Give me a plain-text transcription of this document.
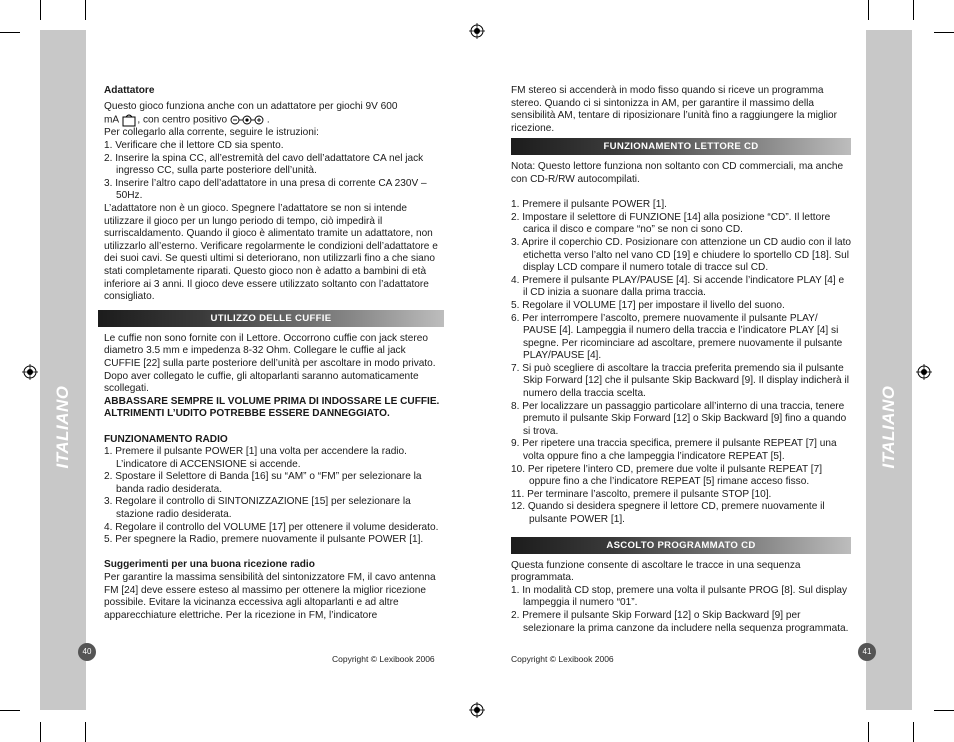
ITALIANO	ITALIANO

Adattatore

Questo gioco funziona anche con un adattatore per giochi 9V 600

mA , con centro positivo	.

Per collegarlo alla corrente, seguire le istruzioni:

1. Verificare che il lettore CD sia spento.

2. Inserire la spina CC, all’estremità del cavo dell’adattatore CA nel jack ingresso CC, sulla parte posteriore dell’unità.

3. Inserire l’altro capo dell’adattatore in una presa di corrente CA 230V – 50Hz.

L’adattatore non è un gioco. Spegnere l’adattatore se non si intende utilizzare il gioco per un lungo periodo di tempo, ciò impedirà il surriscaldamento. Quando il gioco è alimentato tramite un adattatore, non utilizzarlo all’esterno. Verificare regolarmente le condizioni dell’adattatore e dei suoi cavi. Se questi ultimi si deteriorano, non utilizzarli fino a che siano stati completamente riparati. Questo gioco non è adatto a bambini di età inferiore ai 3 anni. Il gioco deve essere utilizzato soltanto con l’adattatore consigliato.

UTILIZZO DELLE CUFFIE

Le cuffie non sono fornite con il Lettore. Occorrono cuffie con jack stereo diametro 3.5 mm e impedenza 8-32 Ohm. Collegare le cuffie al jack CUFFIE [22] sulla parte posteriore dell’unità per ascoltare in modo privato. Dopo aver collegato le cuffie, gli altoparlanti saranno automaticamente scollegati.

ABBASSARE SEMPRE IL VOLUME PRIMA DI INDOSSARE LE CUFFIE. ALTRIMENTI L’UDITO POTREBBE ESSERE DANNEGGIATO.

FUNZIONAMENTO RADIO

1. Premere il pulsante POWER [1] una volta per accendere la radio. L’indicatore di ACCENSIONE si accende.

2. Spostare il Selettore di Banda [16] su “AM” o “FM” per selezionare la banda radio desiderata.

3. Regolare il controllo di SINTONIZZAZIONE [15] per selezionare la stazione radio desiderata.

4. Regolare il controllo del VOLUME [17] per ottenere il volume desiderato.

5. Per spegnere la Radio, premere nuovamente il pulsante POWER [1].

Suggerimenti per una buona ricezione radio

Per garantire la massima sensibilità del sintonizzatore FM, il cavo antenna FM [24] deve essere esteso al massimo per ottenere la miglior ricezione possibile. Evitare la vicinanza eccessiva agli altoparlanti e ad altre apparecchiature elettriche. Per la ricezione in FM, l’indicatore

40
Copyright © Lexibook 2006

FM stereo si accenderà in modo fisso quando si riceve un programma stereo. Quando ci si sintonizza in AM, per garantire il massimo della sensibilità AM, tentare di riposizionare l’unità fino a raggiungere la miglior ricezione.

FUNZIONAMENTO LETTORE CD

Nota: Questo lettore funziona non soltanto con CD commerciali, ma anche con CD-R/RW autocompilati.

1. Premere il pulsante POWER [1].

2. Impostare il selettore di FUNZIONE [14] alla posizione “CD”. Il lettore carica il disco e compare “no” se non ci sono CD.

3. Aprire il coperchio CD. Posizionare con attenzione un CD audio con il lato etichetta verso l’alto nel vano CD [19] e chiudere lo sportello CD [18]. Sul display LCD compare il numero totale di tracce sul CD.

4. Premere il pulsante PLAY/PAUSE [4]. Si accende l’indicatore PLAY [4] e il CD inizia a suonare dalla prima traccia.

5. Regolare il VOLUME [17] per impostare il livello del suono.

6. Per interrompere l’ascolto, premere nuovamente il pulsante PLAY/ PAUSE [4]. Lampeggia il numero della traccia e l’indicatore PLAY [4] si spegne. Per ricominciare ad ascoltare, premere nuovamente il pulsante PLAY/PAUSE [4].

7. Si può scegliere di ascoltare la traccia preferita premendo sia il pulsante Skip Forward [12] che il pulsante Skip Backward [9]. Il display indicherà il numero della traccia scelta.

8. Per localizzare un passaggio particolare all’interno di una traccia, tenere premuto il pulsante Skip Forward [12] o Skip Backward [9] fino a quando si trova.

9. Per ripetere una traccia specifica, premere il pulsante REPEAT [7] una volta oppure fino a che lampeggia l’indicatore REPEAT [5].

10. Per ripetere l’intero CD, premere due volte il pulsante REPEAT [7] oppure fino a che l’indicatore REPEAT [5] rimane acceso fisso.

11. Per terminare l’ascolto, premere il pulsante STOP [10].

12. Quando si desidera spegnere il lettore CD, premere nuovamente il pulsante POWER [1].

ASCOLTO PROGRAMMATO CD

Questa funzione consente di ascoltare le tracce in una sequenza programmata.

1. In modalità CD stop, premere una volta il pulsante PROG [8]. Sul display lampeggia il numero “01”.

2. Premere il pulsante Skip Forward [12] o Skip Backward [9] per selezionare la prima canzone da includere nella sequenza programmata.

Copyright © Lexibook 2006
41
